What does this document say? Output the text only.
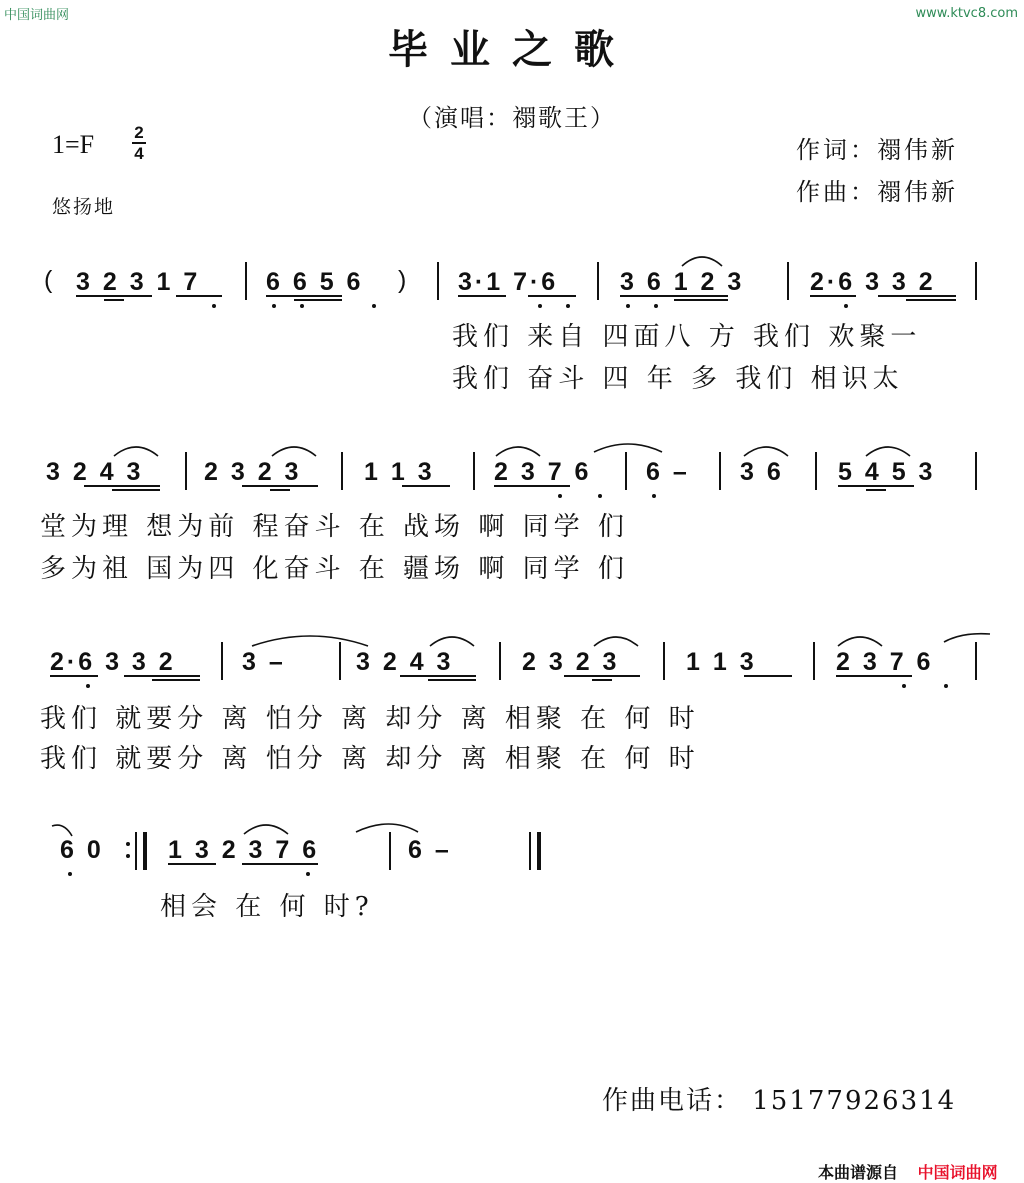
中国词曲网	www.ktvc8.com
毕业之歌
（演唱：禤歌王）
1=F 2
4
悠扬地
作词：禤伟新
作曲：禤伟新
( 3 2 3 1 7	6 6 5 6 ) 3·1 7·6 3 6 1 2 3	2·6 3 3 2
我们 来自 四面八 方 我们 欢聚一
我们 奋斗 四 年 多 我们 相识太
3 2 4 3 2 3 2 3	1 1 3 2 3 7 6 6 – 3 6 5 4 5 3
堂为理 想为前 程奋斗 在 战场 啊 同学 们
多为祖 国为四 化奋斗 在 疆场 啊 同学 们
2·6 3 3 2	3 –	3 2 4 3	2 3 2 3	1 1 3	2 3 7 6
我们 就要分 离 怕分 离 却分 离 相聚 在 何 时
我们 就要分 离 怕分 离 却分 离 相聚 在 何 时
6 0	1 3 2 3 7 6	6 –
相会 在 何 时?
作曲电话： 15177926314
本曲谱源自 中国词曲网
